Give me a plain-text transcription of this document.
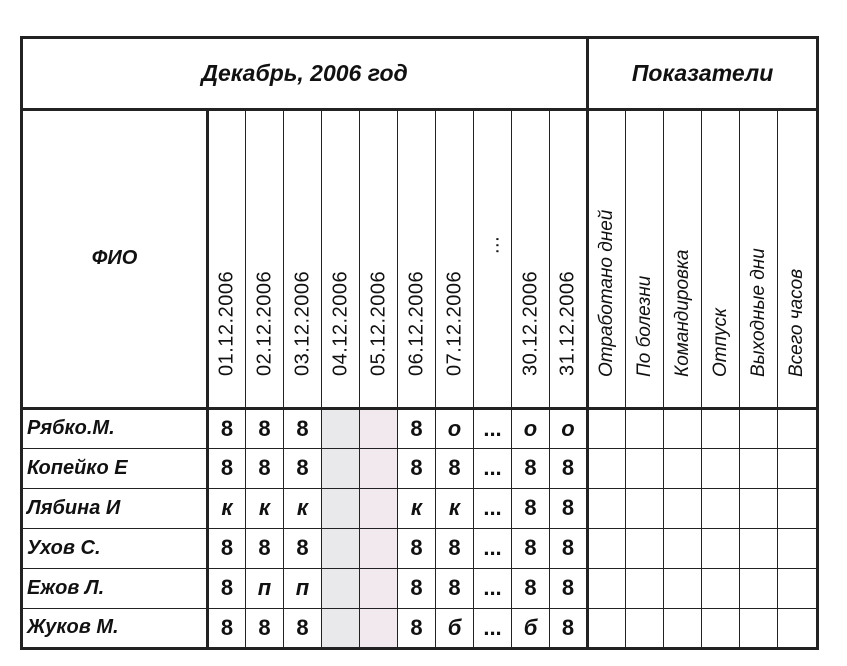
Декабрь, 2006 год											Показатели					
ФИО	01.12.2006	02.12.2006	03.12.2006	04.12.2006	05.12.2006	06.12.2006	07.12.2006	...	30.12.2006	31.12.2006	Отработано дней	По болезни	Командировка	Отпуск	Выходные дни	Всего часов

Рябко.М.	8	8	8			8	о	...	о	о						
Копейко Е	8	8	8			8	8	...	8	8						
Лябина И	к	к	к			к	к	...	8	8						
Ухов С.	8	8	8			8	8	...	8	8						
Ежов Л.	8	п	п			8	8	...	8	8						
Жуков М.	8	8	8			8	б	...	б	8						
